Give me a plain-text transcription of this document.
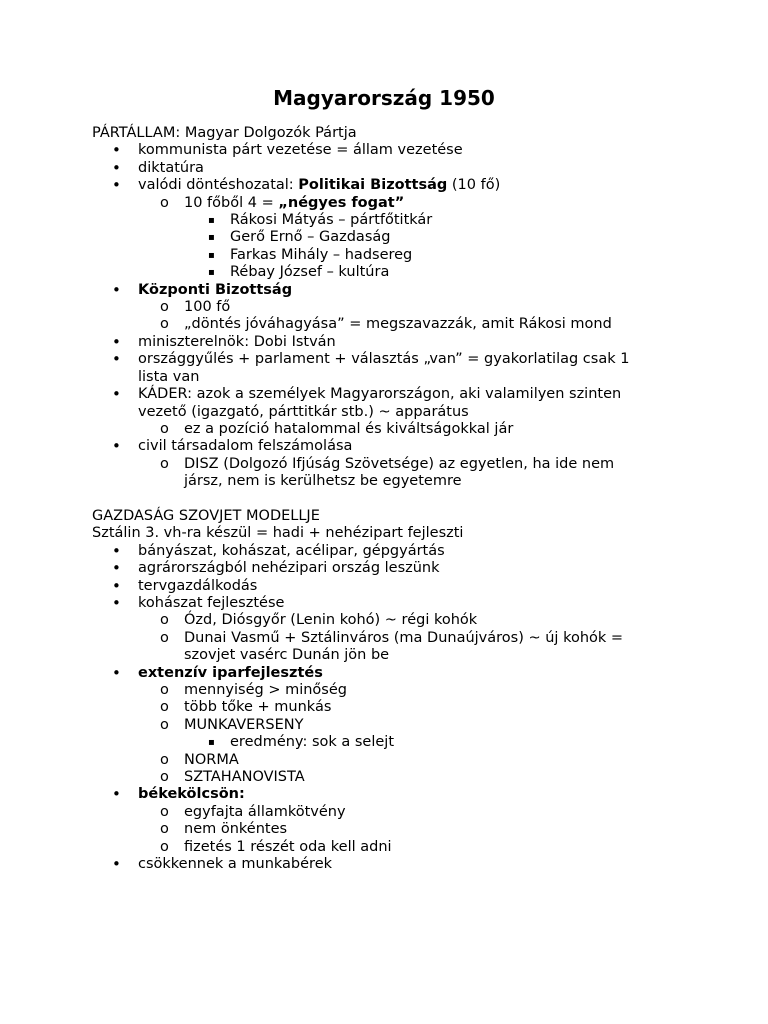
Magyarország 1950
PÁRTÁLLAM: Magyar Dolgozók Pártja
• kommunista párt vezetése = állam vezetése
• diktatúra
• valódi döntéshozatal: Politikai Bizottság (10 fő)
o 10 főből 4 = „négyes fogat”
▪ Rákosi Mátyás – pártfőtitkár
▪ Gerő Ernő – Gazdaság
▪ Farkas Mihály – hadsereg
▪ Rébay József – kultúra
• Központi Bizottság
o 100 fő
o „döntés jóváhagyása” = megszavazzák, amit Rákosi mond
• miniszterelnök: Dobi István
• országgyűlés + parlament + választás „van” = gyakorlatilag csak 1
lista van
• KÁDER: azok a személyek Magyarországon, aki valamilyen szinten
vezető (igazgató, párttitkár stb.) ~ apparátus
o ez a pozíció hatalommal és kiváltságokkal jár
• civil társadalom felszámolása
o DISZ (Dolgozó Ifjúság Szövetsége) az egyetlen, ha ide nem
jársz, nem is kerülhetsz be egyetemre
GAZDASÁG SZOVJET MODELLJE
Sztálin 3. vh-ra készül = hadi + nehézipart fejleszti
• bányászat, kohászat, acélipar, gépgyártás
• agrárországból nehézipari ország leszünk
• tervgazdálkodás
• kohászat fejlesztése
o Ózd, Diósgyőr (Lenin kohó) ~ régi kohók
o Dunai Vasmű + Sztálinváros (ma Dunaújváros) ~ új kohók =
szovjet vasérc Dunán jön be
• extenzív iparfejlesztés
o mennyiség > minőség
o több tőke + munkás
o MUNKAVERSENY
▪ eredmény: sok a selejt
o NORMA
o SZTAHANOVISTA
• békekölcsön:
o egyfajta államkötvény
o nem önkéntes
o fizetés 1 részét oda kell adni
• csökkennek a munkabérek
